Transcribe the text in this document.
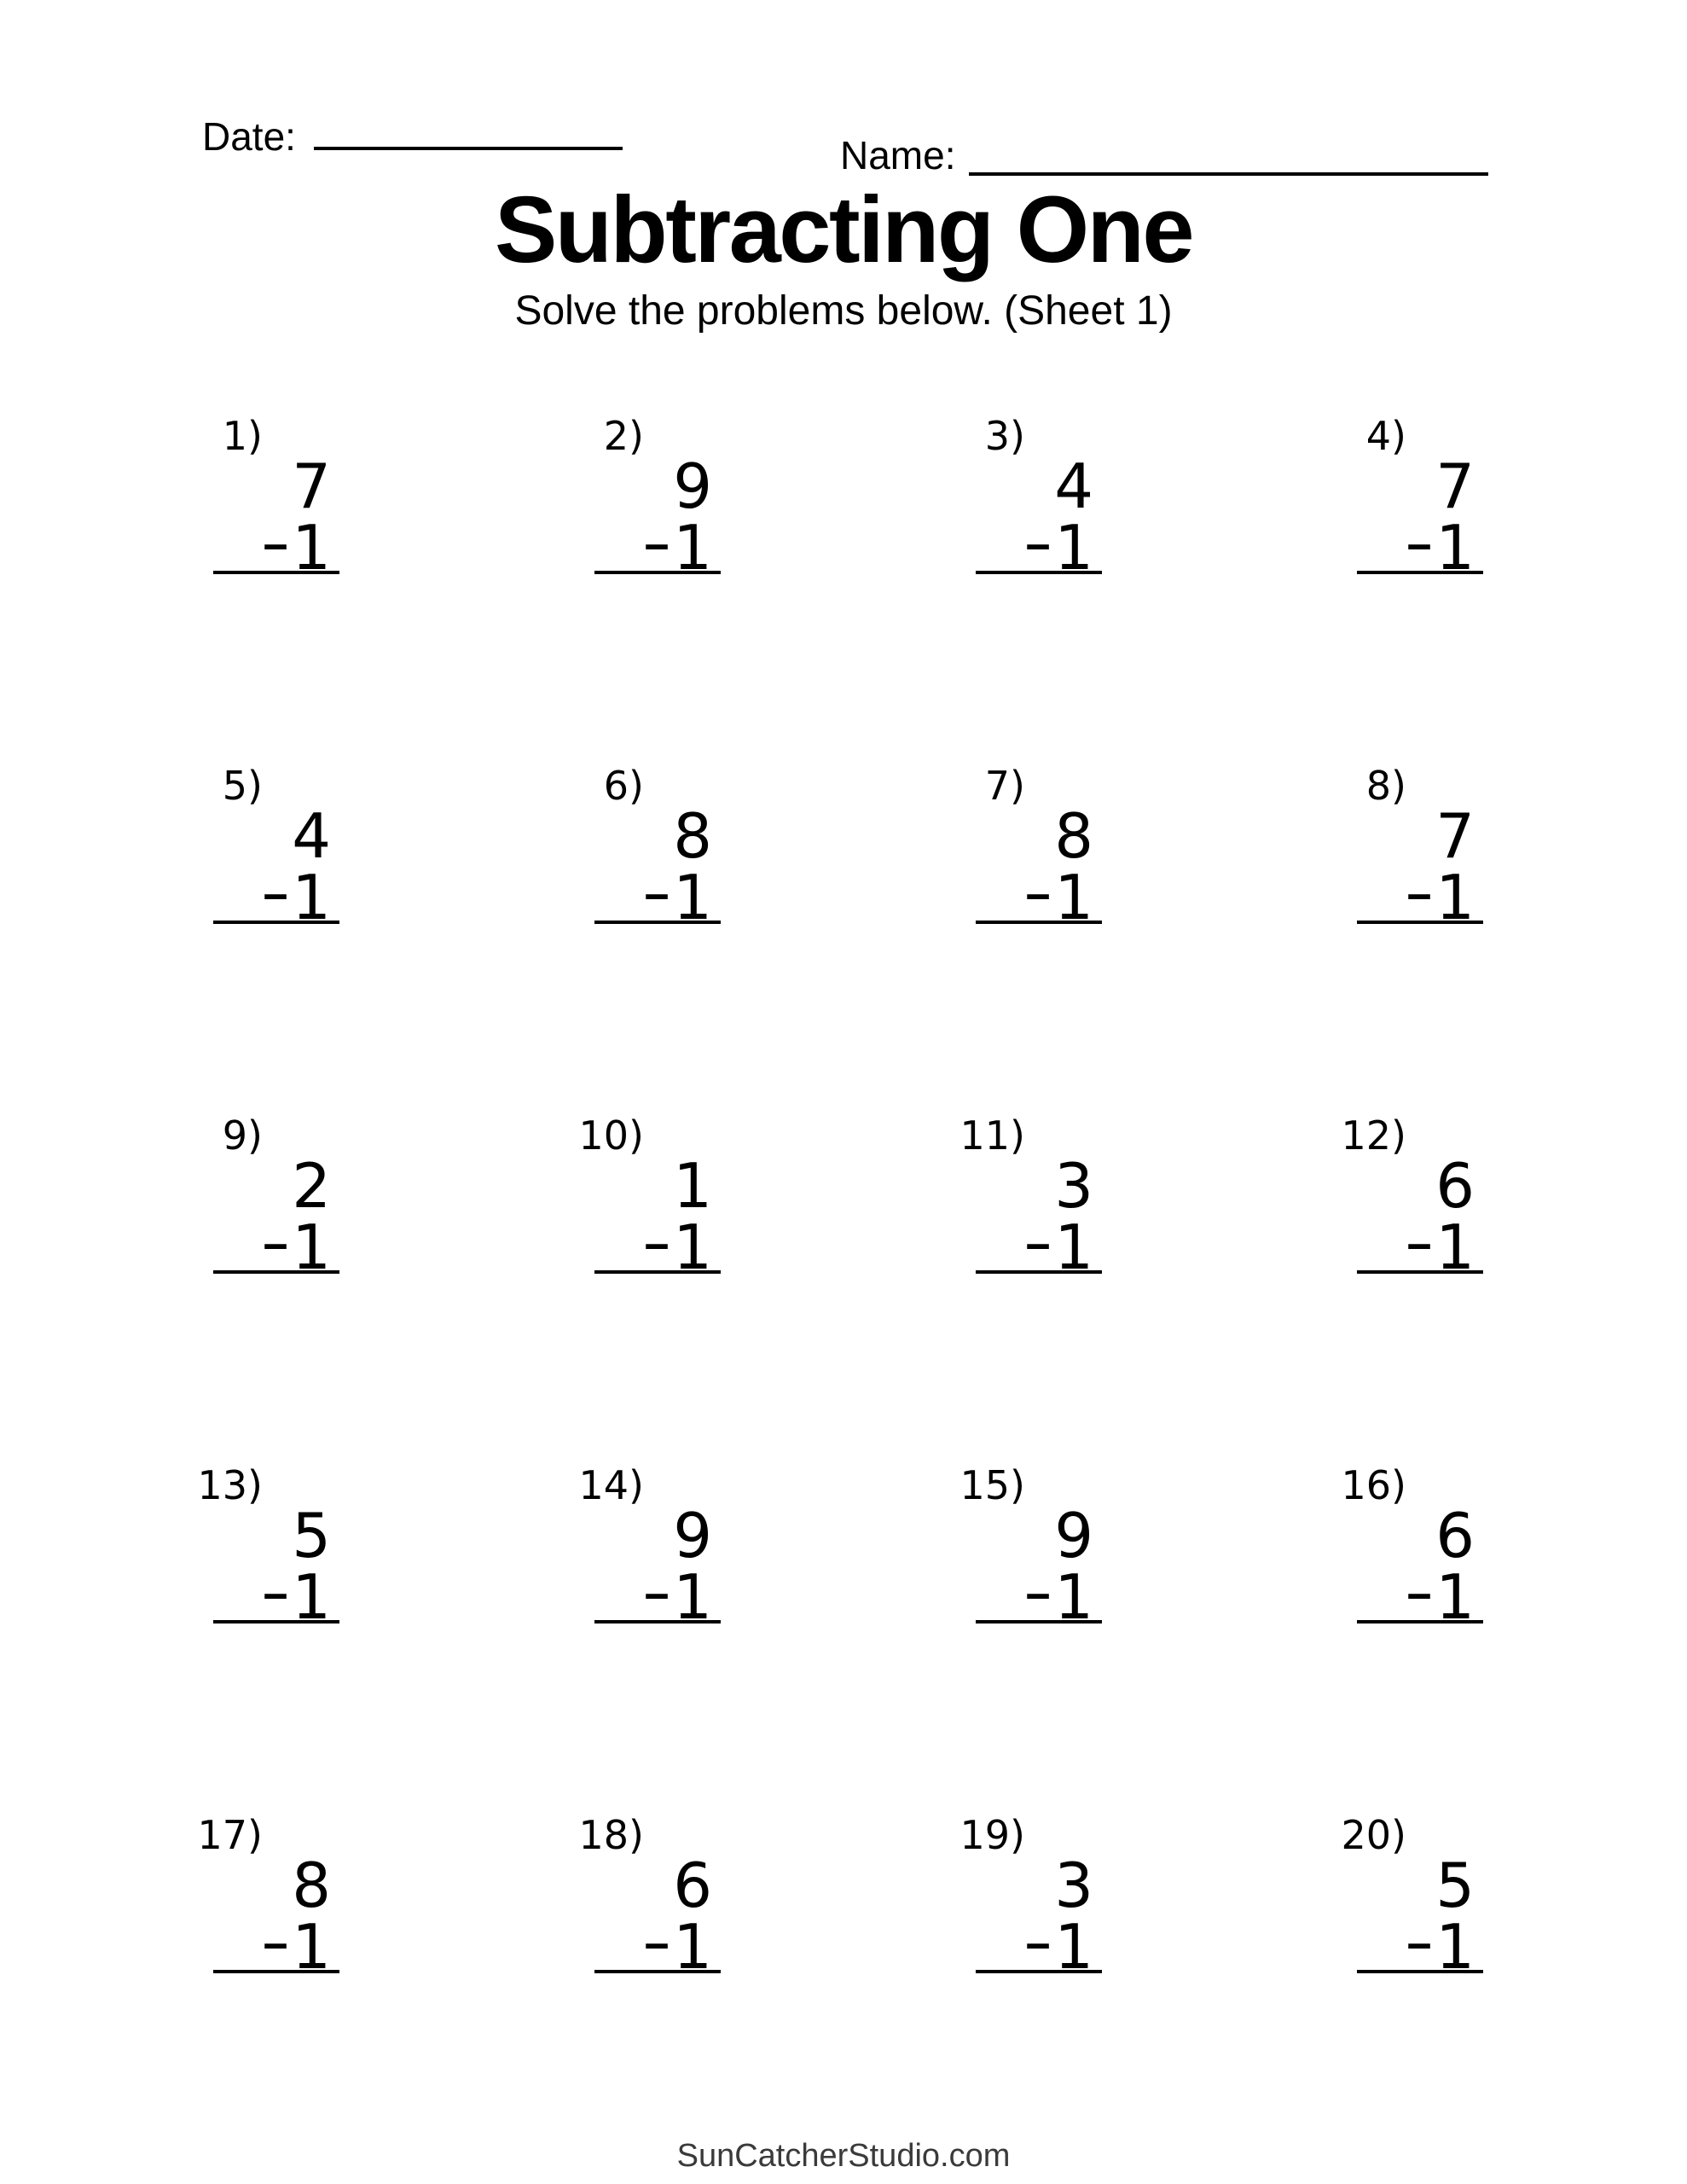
Date:	Name:
Subtracting One
Solve the problems below. (Sheet 1)
1)
7
- 1
2)
9
- 1
3)
4
- 1
4)
7
- 1
5)
4
- 1
6)
8
- 1
7)
8
- 1
8)
7
- 1
9)
2
- 1
10)
1
- 1
11)
3
- 1
12)
6
- 1
13)
5
- 1
14)
9
- 1
15)
9
- 1
16)
6
- 1
17)
8
- 1
18)
6
- 1
19)
3
- 1
20)
5
- 1
SunCatcherStudio.com
